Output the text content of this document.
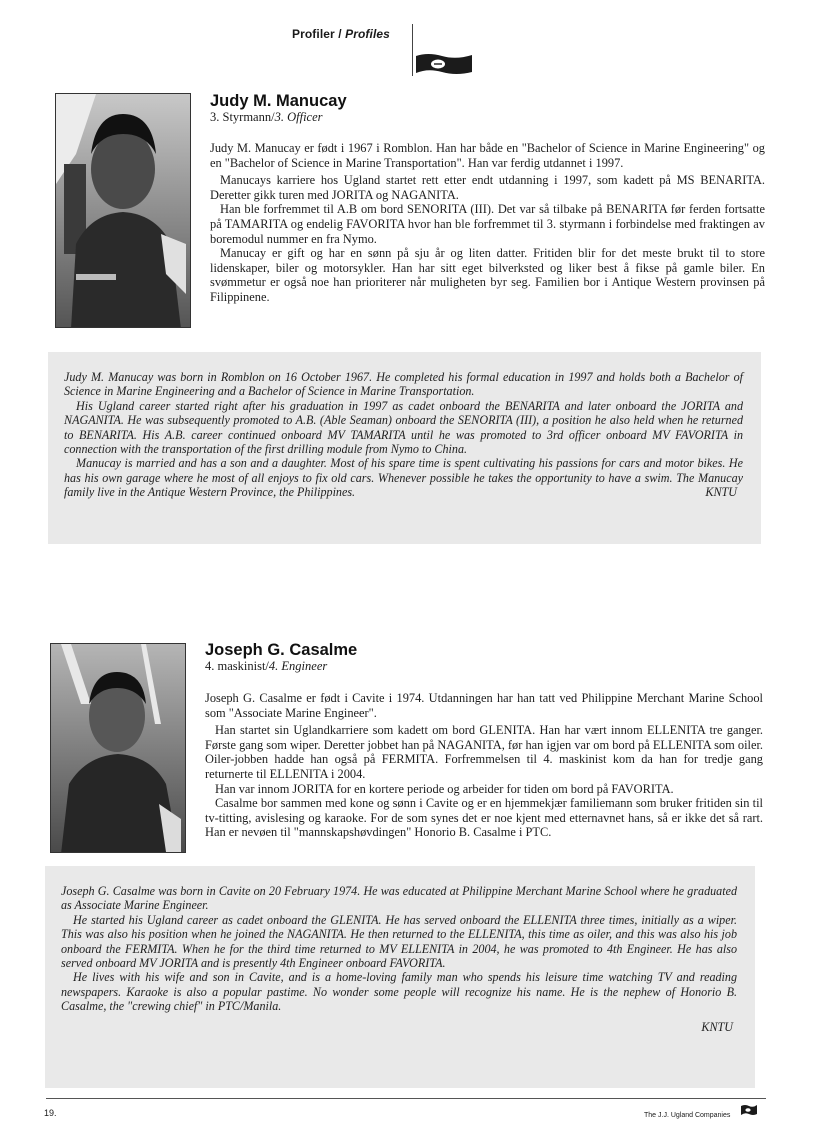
Profiler / Profiles
Judy M. Manucay
3. Styrmann/3. Officer

Judy M. Manucay er født i 1967 i Romblon. Han har både en "Bachelor of Science in Marine Engineering" og en "Bachelor of Science in Marine Transportation". Han var ferdig utdannet i 1997.

Manucays karriere hos Ugland startet rett etter endt utdanning i 1997, som kadett på MS BENARITA. Deretter gikk turen med JORITA og NAGANITA.

Han ble forfremmet til A.B om bord SENORITA (III). Det var så tilbake på BENARITA før ferden fortsatte på TAMARITA og endelig FAVORITA hvor han ble forfremmet til 3. styrmann i forbindelse med fraktingen av boremodul nummer en fra Nymo.

Manucay er gift og har en sønn på sju år og liten datter. Fritiden blir for det meste brukt til to store lidenskaper, biler og motorsykler. Han har sitt eget bilverksted og liker best å fikse på gamle biler. En svømmetur er også noe han prioriterer når muligheten byr seg. Familien bor i Antique Western provinsen på Filippinene.

Judy M. Manucay was born in Romblon on 16 October 1967. He completed his formal education in 1997 and holds both a Bachelor of Science in Marine Engineering and a Bachelor of Science in Marine Transportation.

His Ugland career started right after his graduation in 1997 as cadet onboard the BENARITA and later onboard the JORITA and NAGANITA. He was subsequently promoted to A.B. (Able Seaman) onboard the SENORITA (III), a position he also held when he returned to BENARITA. His A.B. career continued onboard MV TAMARITA until he was promoted to 3rd officer onboard MV FAVORITA in connection with the transportation of the first drilling module from Nymo to China.

Manucay is married and has a son and a daughter. Most of his spare time is spent cultivating his passions for cars and motor bikes. He has his own garage where he most of all enjoys to fix old cars. Whenever possible he takes the opportunity to have a swim. The Manucay family live in the Antique Western Province, the Philippines.	KNTU

Joseph G. Casalme
4. maskinist/4. Engineer

Joseph G. Casalme er født i Cavite i 1974. Utdanningen har han tatt ved Philippine Merchant Marine School som "Associate Marine Engineer".

Han startet sin Uglandkarriere som kadett om bord GLENITA. Han har vært innom ELLENITA tre ganger. Første gang som wiper. Deretter jobbet han på NAGANITA, før han igjen var om bord på ELLENITA som oiler. Oiler-jobben hadde han også på FERMITA. Forfremmelsen til 4. maskinist kom da han for tredje gang returnerte til ELLENITA i 2004.

Han var innom JORITA for en kortere periode og arbeider for tiden om bord på FAVORITA.

Casalme bor sammen med kone og sønn i Cavite og er en hjemmekjær familiemann som bruker fritiden sin til tv-titting, avislesing og karaoke. For de som synes det er noe kjent med etternavnet hans, så er ikke det så rart. Han er nevøen til "mannskapshøvdingen" Honorio B. Casalme i PTC.

Joseph G. Casalme was born in Cavite on 20 February 1974. He was educated at Philippine Merchant Marine School where he graduated as Associate Marine Engineer.

He started his Ugland career as cadet onboard the GLENITA. He has served onboard the ELLENITA three times, initially as a wiper. This was also his position when he joined the NAGANITA. He then returned to the ELLENITA, this time as oiler, and this was also his job onboard the FERMITA. When he for the third time returned to MV ELLENITA in 2004, he was promoted to 4th Engineer. He has also served onboard MV JORITA and is presently 4th Engineer onboard FAVORITA.

He lives with his wife and son in Cavite, and is a home-loving family man who spends his leisure time watching TV and reading newspapers. Karaoke is also a popular pastime. No wonder some people will recognize his name. He is the nephew of Honorio B. Casalme, the "crewing chief" in PTC/Manila.

KNTU
19.	The J.J. Ugland Companies
